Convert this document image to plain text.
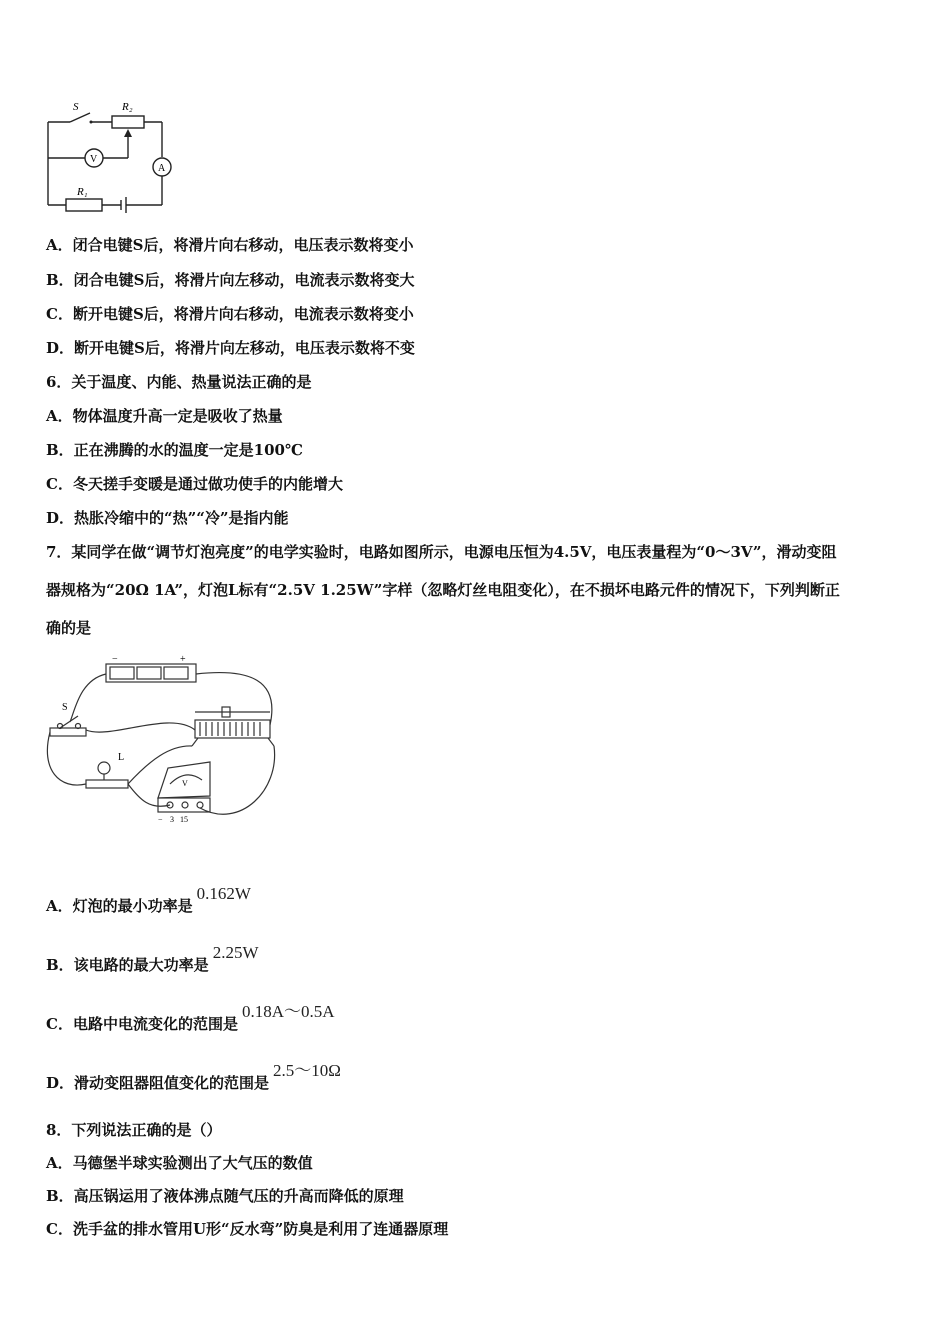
S	R₂
R₁
V
A
A．闭合电键S后，将滑片向右移动，电压表示数将变小
B．闭合电键S后，将滑片向左移动，电流表示数将变大
C．断开电键S后，将滑片向右移动，电流表示数将变小
D．断开电键S后，将滑片向左移动，电压表示数将不变
6．关于温度、内能、热量说法正确的是
A．物体温度升高一定是吸收了热量
B．正在沸腾的水的温度一定是100℃
C．冬天搓手变暖是通过做功使手的内能增大
D．热胀冷缩中的“热”“冷”是指内能
7．某同学在做“调节灯泡亮度”的电学实验时，电路如图所示，电源电压恒为4.5V，电压表量程为“0～3V”，滑动变阻
器规格为“20Ω 1A”，灯泡L标有“2.5V 1.25W”字样（忽略灯丝电阻变化），在不损坏电路元件的情况下，下列判断正
确的是
−	+
S
L
V
− 3 15
A．灯泡的最小功率是0.162W
B．该电路的最大功率是2.25W
C．电路中电流变化的范围是0.18A～0.5A
D．滑动变阻器阻值变化的范围是2.5～10Ω
8．下列说法正确的是（）
A．马德堡半球实验测出了大气压的数值
B．高压锅运用了液体沸点随气压的升高而降低的原理
C．洗手盆的排水管用U形“反水弯”防臭是利用了连通器原理
